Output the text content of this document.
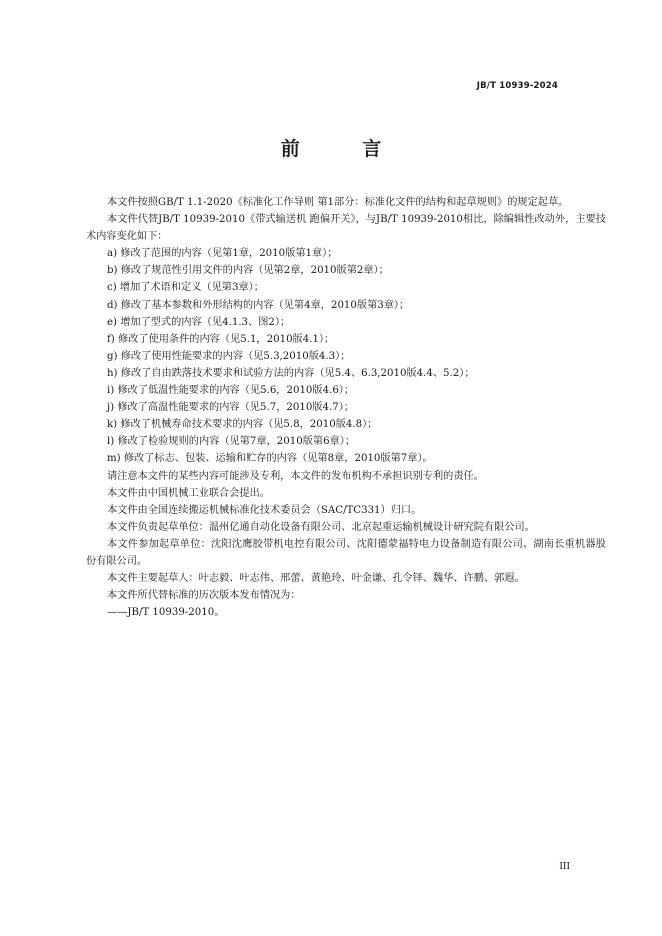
JB/T 10939-2024
前 言

本文件按照GB/T 1.1-2020《标准化工作导则 第1部分：标准化文件的结构和起草规则》的规定起草。

本文件代替JB/T 10939-2010《带式输送机 跑偏开关》，与JB/T 10939-2010相比，除编辑性改动外，主要技术内容变化如下：

a) 修改了范围的内容（见第1章，2010版第1章）；

b) 修改了规范性引用文件的内容（见第2章，2010版第2章）；

c) 增加了术语和定义（见第3章）；

d) 修改了基本参数和外形结构的内容（见第4章，2010版第3章）；

e) 增加了型式的内容（见4.1.3、图2）；

f) 修改了使用条件的内容（见5.1，2010版4.1）；

g) 修改了使用性能要求的内容（见5.3,2010版4.3）；

h) 修改了自由跌落技术要求和试验方法的内容（见5.4、6.3,2010版4.4、5.2）；

i) 修改了低温性能要求的内容（见5.6，2010版4.6）；

j) 修改了高温性能要求的内容（见5.7，2010版4.7）；

k) 修改了机械寿命技术要求的内容（见5.8，2010版4.8）；

l) 修改了检验规则的内容（见第7章，2010版第6章）；

m) 修改了标志、包装、运输和贮存的内容（见第8章，2010版第7章）。

请注意本文件的某些内容可能涉及专利，本文件的发布机构不承担识别专利的责任。

本文件由中国机械工业联合会提出。

本文件由全国连续搬运机械标准化技术委员会（SAC/TC331）归口。

本文件负责起草单位：温州亿通自动化设备有限公司、北京起重运输机械设计研究院有限公司。

本文件参加起草单位：沈阳沈鹰胶带机电控有限公司、沈阳德蒙福特电力设备制造有限公司、湖南长重机器股份有限公司。

本文件主要起草人：叶志毅、叶志伟、邢蕾、黄艳玲、叶金谦、孔令铎、魏华、许鹏、郭遐。

本文件所代替标准的历次版本发布情况为：

——JB/T 10939-2010。

III
